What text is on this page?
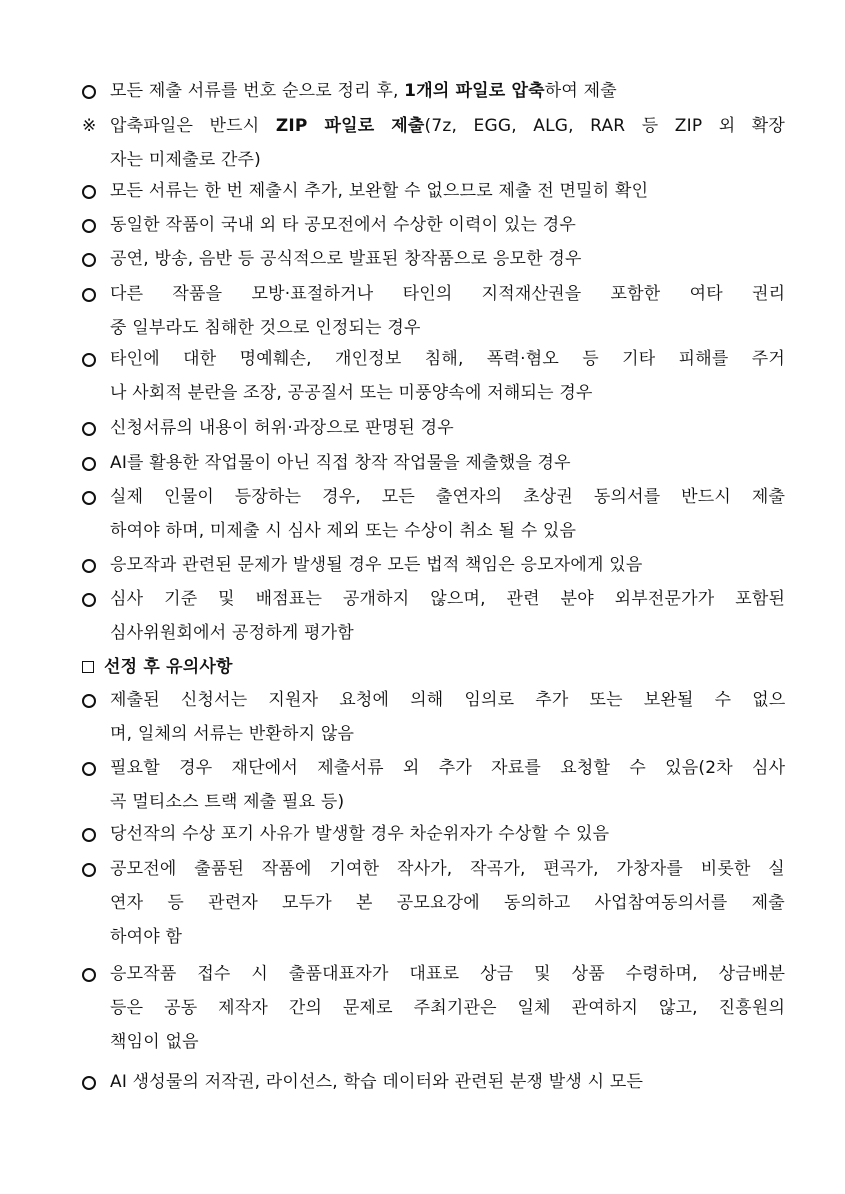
모든 제출 서류를 번호 순으로 정리 후, 1개의 파일로 압축하여 제출
※ 압축파일은 반드시 ZIP 파일로 제출(7z, EGG, ALG, RAR 등 ZIP 외 확장
자는 미제출로 간주)
모든 서류는 한 번 제출시 추가, 보완할 수 없으므로 제출 전 면밀히 확인
동일한 작품이 국내 외 타 공모전에서 수상한 이력이 있는 경우
공연, 방송, 음반 등 공식적으로 발표된 창작품으로 응모한 경우
다른 작품을 모방·표절하거나 타인의 지적재산권을 포함한 여타 권리
중 일부라도 침해한 것으로 인정되는 경우
타인에 대한 명예훼손, 개인정보 침해, 폭력·혐오 등 기타 피해를 주거
나 사회적 분란을 조장, 공공질서 또는 미풍양속에 저해되는 경우
신청서류의 내용이 허위·과장으로 판명된 경우
AI를 활용한 작업물이 아닌 직접 창작 작업물을 제출했을 경우
실제 인물이 등장하는 경우, 모든 출연자의 초상권 동의서를 반드시 제출
하여야 하며, 미제출 시 심사 제외 또는 수상이 취소 될 수 있음
응모작과 관련된 문제가 발생될 경우 모든 법적 책임은 응모자에게 있음
심사 기준 및 배점표는 공개하지 않으며, 관련 분야 외부전문가가 포함된
심사위원회에서 공정하게 평가함
선정 후 유의사항
제출된 신청서는 지원자 요청에 의해 임의로 추가 또는 보완될 수 없으
며, 일체의 서류는 반환하지 않음
필요할 경우 재단에서 제출서류 외 추가 자료를 요청할 수 있음(2차 심사
곡 멀티소스 트랙 제출 필요 등)
당선작의 수상 포기 사유가 발생할 경우 차순위자가 수상할 수 있음
공모전에 출품된 작품에 기여한 작사가, 작곡가, 편곡가, 가창자를 비롯한 실
연자 등 관련자 모두가 본 공모요강에 동의하고 사업참여동의서를 제출
하여야 함
응모작품 접수 시 출품대표자가 대표로 상금 및 상품 수령하며, 상금배분
등은 공동 제작자 간의 문제로 주최기관은 일체 관여하지 않고, 진흥원의
책임이 없음
AI 생성물의 저작권, 라이선스, 학습 데이터와 관련된 분쟁 발생 시 모든
